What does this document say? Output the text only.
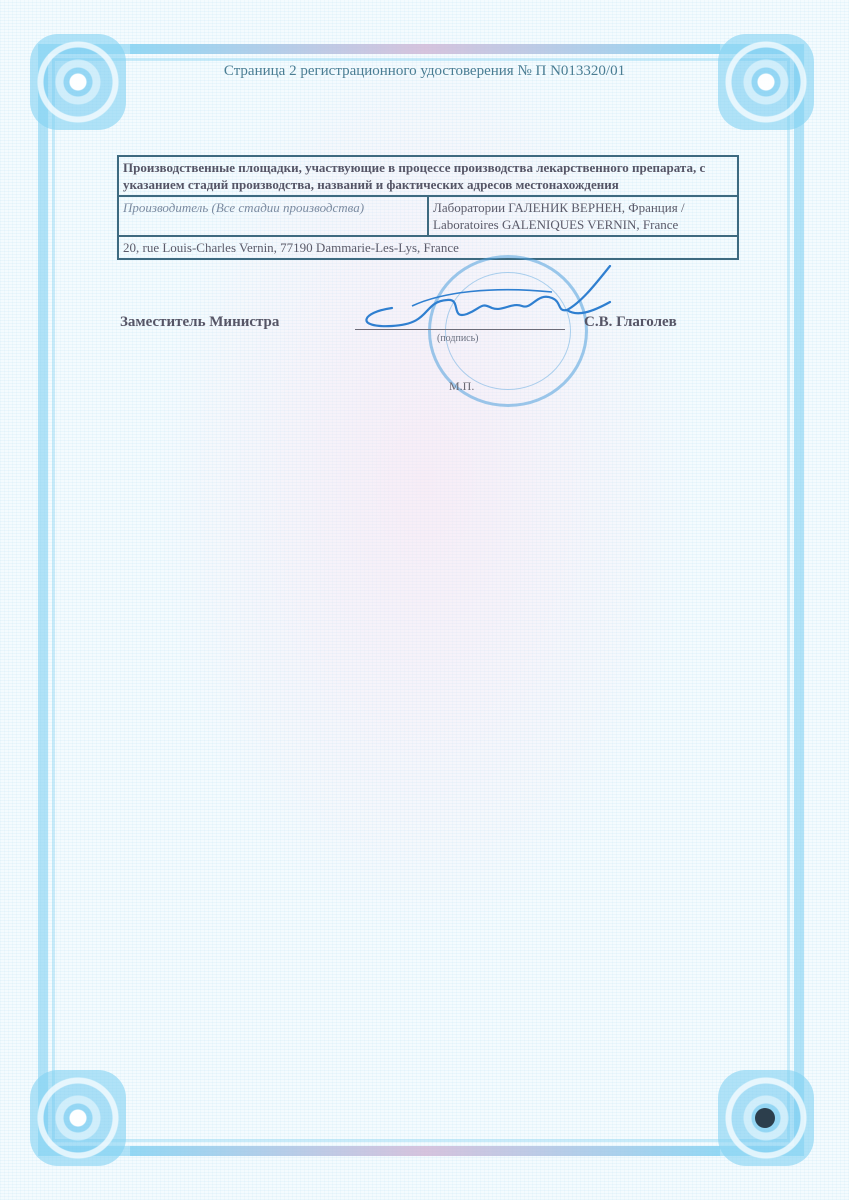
Страница 2 регистрационного удостоверения № П N013320/01
Производственные площадки, участвующие в процессе производства лекарственного препарата, с указанием стадий производства, названий и фактических адресов местонахождения
Производитель (Все стадии производства)	Лаборатории ГАЛЕНИК ВЕРНЕН, Франция / Laboratoires GALENIQUES VERNIN, France
20, rue Louis-Charles Vernin, 77190 Dammarie-Les-Lys, France
Заместитель Министра
(подпись)
С.В. Глаголев
М.П.
